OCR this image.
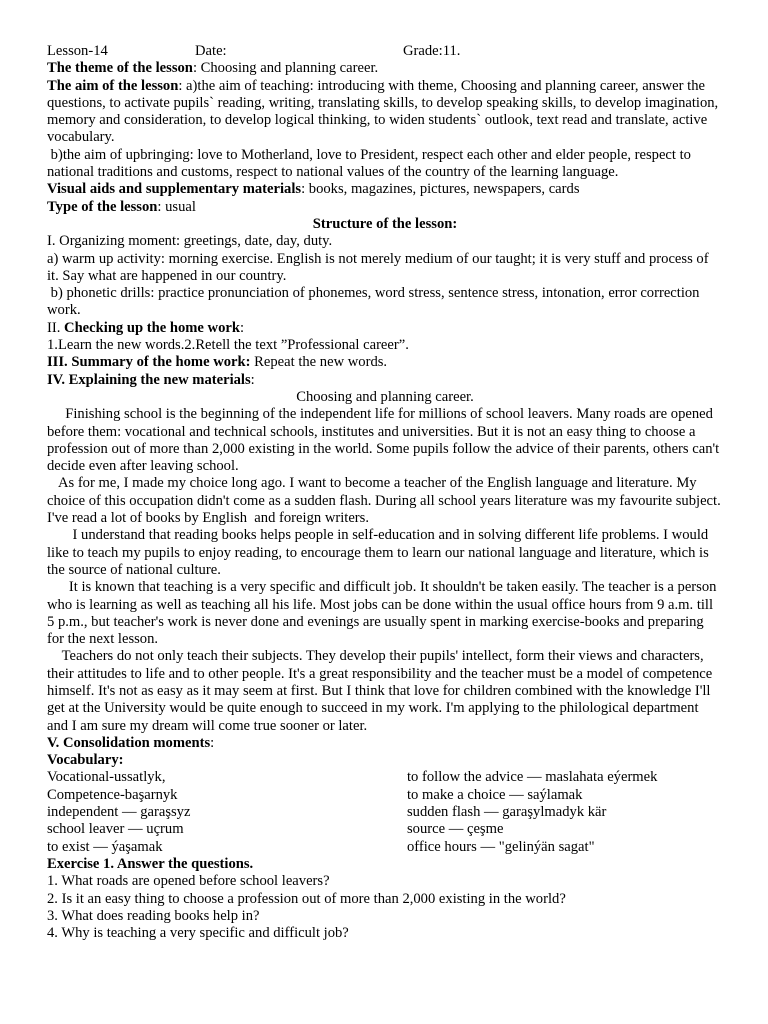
Lesson-14	Date:	Grade:11.
The theme of the lesson: Choosing and planning career.
The aim of the lesson: a)the aim of teaching: introducing with theme, Choosing and planning career, answer the questions, to activate pupils` reading, writing, translating skills, to develop speaking skills, to develop imagination, memory and consideration, to develop logical thinking, to widen students` outlook, text read and translate, active vocabulary.
b)the aim of upbringing: love to Motherland, love to President, respect each other and elder people, respect to national traditions and customs, respect to national values of the country of the learning language.
Visual aids and supplementary materials: books, magazines, pictures, newspapers, cards
Type of the lesson: usual
Structure of the lesson:
I. Organizing moment: greetings, date, day, duty.
a) warm up activity: morning exercise. English is not merely medium of our taught; it is very stuff and process of it. Say what are happened in our country.
b) phonetic drills: practice pronunciation of phonemes, word stress, sentence stress, intonation, error correction work.
II. Checking up the home work:
1.Learn the new words.2.Retell the text ”Professional career”.
III. Summary of the home work: Repeat the new words.
IV. Explaining the new materials:
Choosing and planning career.
Finishing school is the beginning of the independent life for millions of school leavers. Many roads are opened before them: vocational and technical schools, institutes and universities. But it is not an easy thing to choose a profession out of more than 2,000 existing in the world. Some pupils follow the advice of their parents, others can't decide even after leaving school.
As for me, I made my choice long ago. I want to become a teacher of the English language and literature. My choice of this occupation didn't come as a sudden flash. During all school years literature was my favourite subject. I've read a lot of books by English  and foreign writers.
I understand that reading books helps people in self-education and in solving different life problems. I would like to teach my pupils to enjoy reading, to encourage them to learn our national language and literature, which is the source of national culture.
It is known that teaching is a very specific and difficult job. It shouldn't be taken easily. The teacher is a person who is learning as well as teaching all his life. Most jobs can be done within the usual office hours from 9 a.m. till 5 p.m., but teacher's work is never done and evenings are usually spent in marking exercise-books and preparing for the next lesson.
Teachers do not only teach their subjects. They develop their pupils' intellect, form their views and characters, their attitudes to life and to other people. It's a great responsibility and the teacher must be a model of competence himself. It's not as easy as it may seem at first. But I think that love for children combined with the knowledge I'll get at the University would be quite enough to succeed in my work. I'm applying to the philological department and I am sure my dream will come true sooner or later.
V. Consolidation moments:
Vocabulary:
Vocational-ussatlyk,
Competence-başarnyk
independent — garaşsyz
school leaver — uçrum
to exist — ýaşamak
to follow the advice — maslahata eýermek
to make a choice — saýlamak
sudden flash — garaşylmadyk kär
source — çeşme
office hours — "gelinýän sagat"
Exercise 1. Answer the questions.
1. What roads are opened before school leavers?
2. Is it an easy thing to choose a profession out of more than 2,000 existing in the world?
3. What does reading books help in?
4. Why is teaching a very specific and difficult job?
